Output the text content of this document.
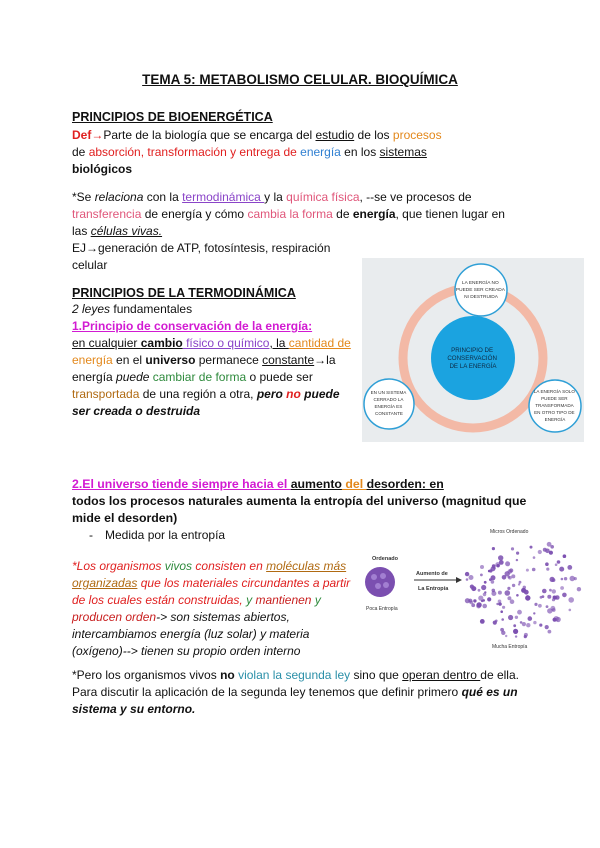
TEMA 5: METABOLISMO CELULAR. BIOQUÍMICA
PRINCIPIOS DE BIOENERGÉTICA
Def→Parte de la biología que se encarga del estudio de los procesos
de absorción, transformación y entrega de energía en los sistemas
biológicos
*Se relaciona con la termodinámica y la química física, --se ve procesos de
transferencia de energía y cómo cambia la forma de energía, que tienen lugar en
las células vivas.
EJ→generación de ATP, fotosíntesis, respiración
celular
PRINCIPIOS DE LA TERMODINÁMICA
2 leyes fundamentales
1.Principio de conservación de la energía:
en cualquier cambio físico o químico, la cantidad de
energía en el universo permanece constante→la
energía puede cambiar de forma o puede ser
transportada de una región a otra, pero no puede
ser creada o destruida
PRINCIPIO DE CONSERVACIÓN DE LA ENERGÍA
LA ENERGÍA NO PUEDE SER CREADA NI DESTRUIDA
EN UN SISTEMA CERRADO LA ENERGÍA ES CONSTANTE
LA ENERGÍA SOLO PUEDE SER TRANSFORMADA EN OTRO TIPO DE ENERGÍA
2.El universo tiende siempre hacia el aumento del desorden: en
todos los procesos naturales aumenta la entropía del universo (magnitud que
mide el desorden)
- Medida por la entropía
*Los organismos vivos consisten en moléculas más
organizadas que los materiales circundantes a partir
de los cuales están construidas, y mantienen y
producen orden-> son sistemas abiertos,
intercambiamos energía (luz solar) y materia
(oxígeno)--> tienen su propio orden interno
Ordenado
Poca Entropía
Aumento de
La Entropía
Micros Ordenado
Mucha Entropía
*Pero los organismos vivos no violan la segunda ley sino que operan dentro de ella.
Para discutir la aplicación de la segunda ley tenemos que definir primero qué es un
sistema y su entorno.
